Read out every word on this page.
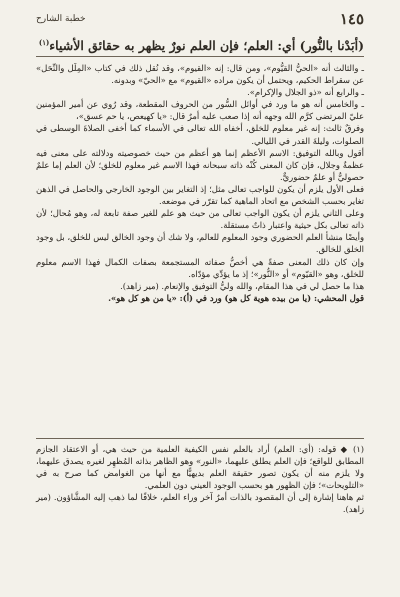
١٤٥
خطبة الشارح
(أبَدْنا بالنُّور) أي: العلم؛ فإن العلم نورٌ يظهر به حقائق الأشياء$^{(١)}$

ـ والثالث أنه «الحيُّ القيُّوم»، ومن قال: إنه «القيوم»، وقد نُقل ذلك في كتاب «المِلَل والنِّحَل» عن سقراط الحكيم، ويحتمل أن يكون مراده «القيوم» مع «الحيّ» وبدونه.

ـ والرابع أنه «ذو الجلال والإكرام».

ـ والخامس أنه هو ما ورد في أوائل السُّور من الحروف المقطعة، وقد رُوي عن أمير المؤمنين عليّ المرتضى كرَّم الله وجهه أنه إذا صعب عليه أمرٌ قال: «يا كهيعص، يا حم عسق»،

وفرقٌ ثالث: إنه غير معلوم للخلق، أخفاه الله تعالى في الأسماء كما أخفى الصلاةَ الوسطى في الصلوات، وليلةَ القدر في الليالي.

أقول وبالله التوفيق: الاسم الأعظم إنما هو أعظم من حيث خصوصيته ودلالته على معنى فيه عظمةٌ وجلال، فإن كان المعنى كُنْه ذاته سبحانه فهذا الاسم غير معلوم للخلق؛ لأن العلم إما علمٌ حصوليٌّ أو علمٌ حضوريٌّ.

فعلى الأول يلزم أن يكون للواجب تعالى مثل؛ إذ التغاير بين الوجود الخارجي والحاصل في الذهن تغاير بحسب الشخص مع اتحاد الماهية كما تقرّر في موضعه.

وعلى الثاني يلزم أن يكون الواجب تعالى من حيث هو علم للغير صفة تابعة له، وهو مُحال؛ لأن ذاته تعالى بكل حيثية واعتبار ذاتٌ مستقلة.

وأيضًا منشأ العلم الحضوري وجود المعلوم للعالم، ولا شك أن وجود الخالق ليس للخلق، بل وجود الخلق للخالق.

وإن كان ذلك المعنى صفةً هي أخصُّ صفاته المستجمعة بصفات الكمال فهذا الاسم معلوم للخلق، وهو «القيّوم» أو «النُّور»؛ إذ ما يؤدِّي مؤدّاه.

هذا ما حصل لي في هذا المقام، والله وليُّ التوفيق والإنعام. (مير زاهد).

قول المحشي: (يا من بيده هوية كل هو) ورد في (أ): «يا من هو كل هو».

(١) ◆ قوله: (أي: العلم) أراد بالعلم نفس الكيفية العلمية من حيث هي، أو الاعتقاد الجازم المطابق للواقع؛ فإن العلم يطلق عليهما، «النور» وهو الظاهر بذاته المُظهِر لغيره يصدق عليهما، ولا يلزم منه أن يكون تصور حقيقة العلم بديهيًّا مع أنها من الغوامض كما صرح به في «التلويحات»؛ فإن الظهور هو بحسب الوجود العيني دون العلمي.

ثم هاهنا إشارة إلى أن المقصود بالذات أمرٌ آخر وراء العلم، خلافًا لما ذهب إليه المشَّاؤون. (مير زاهد).
